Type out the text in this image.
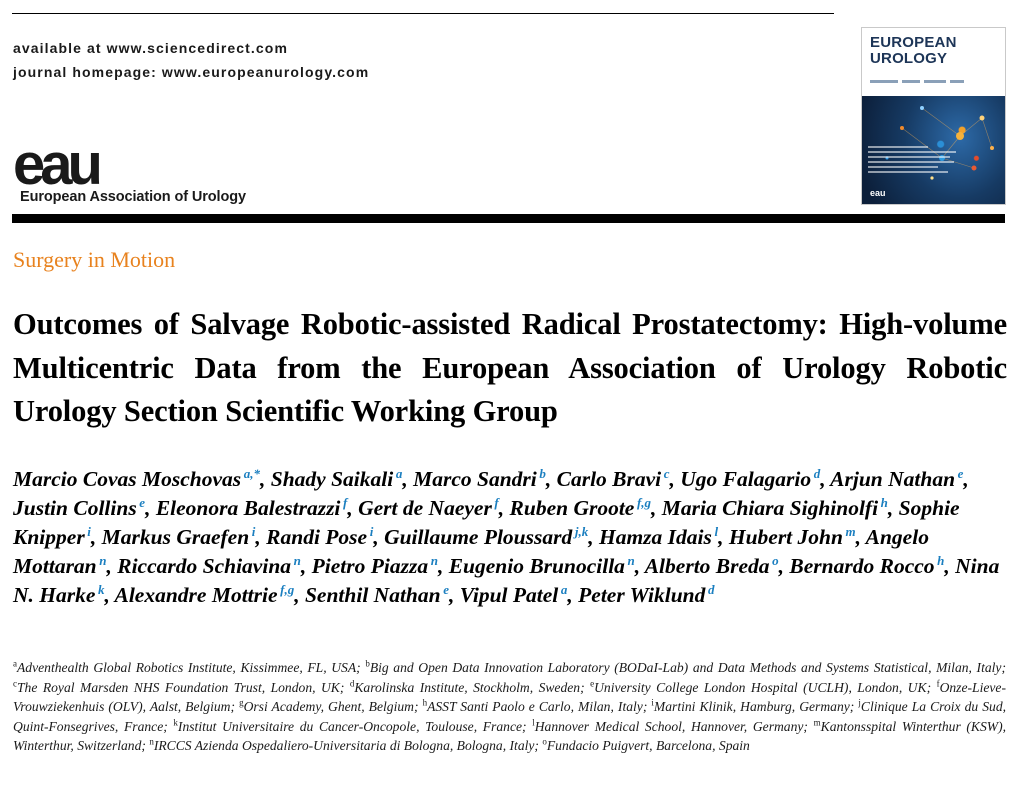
available at www.sciencedirect.com
journal homepage: www.europeanurology.com
eau
European Association of Urology
EUROPEAN
UROLOGY
eau
Surgery in Motion
Outcomes of Salvage Robotic-assisted Radical Prostatectomy: High-volume Multicentric Data from the European Association of Urology Robotic Urology Section Scientific Working Group
Marcio Covas Moschovas $^{a,*}$, Shady Saikali $^a$, Marco Sandri $^b$, Carlo Bravi $^c$, Ugo Falagario $^d$, Arjun Nathan $^e$, Justin Collins $^e$, Eleonora Balestrazzi $^f$, Gert de Naeyer $^f$, Ruben Groote $^{f,g}$, Maria Chiara Sighinolfi $^h$, Sophie Knipper $^i$, Markus Graefen $^i$, Randi Pose $^i$, Guillaume Ploussard $^{j,k}$, Hamza Idais $^l$, Hubert John $^m$, Angelo Mottaran $^n$, Riccardo Schiavina $^n$, Pietro Piazza $^n$, Eugenio Brunocilla $^n$, Alberto Breda $^o$, Bernardo Rocco $^h$, Nina N. Harke $^k$, Alexandre Mottrie $^{f,g}$, Senthil Nathan $^e$, Vipul Patel $^a$, Peter Wiklund $^d$
$^a$Adventhealth Global Robotics Institute, Kissimmee, FL, USA; $^b$Big and Open Data Innovation Laboratory (BODaI-Lab) and Data Methods and Systems Statistical, Milan, Italy; $^c$The Royal Marsden NHS Foundation Trust, London, UK; $^d$Karolinska Institute, Stockholm, Sweden; $^e$University College London Hospital (UCLH), London, UK; $^f$Onze-Lieve-Vrouwziekenhuis (OLV), Aalst, Belgium; $^g$Orsi Academy, Ghent, Belgium; $^h$ASST Santi Paolo e Carlo, Milan, Italy; $^i$Martini Klinik, Hamburg, Germany; $^j$Clinique La Croix du Sud, Quint-Fonsegrives, France; $^k$Institut Universitaire du Cancer-Oncopole, Toulouse, France; $^l$Hannover Medical School, Hannover, Germany; $^m$Kantonsspital Winterthur (KSW), Winterthur, Switzerland; $^n$IRCCS Azienda Ospedaliero-Universitaria di Bologna, Bologna, Italy; $^o$Fundacio Puigvert, Barcelona, Spain
